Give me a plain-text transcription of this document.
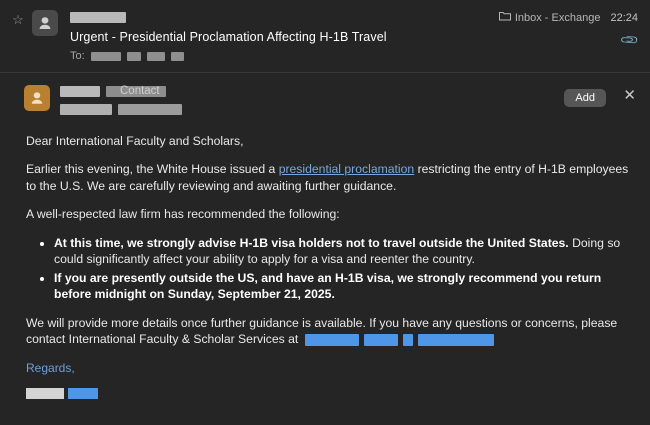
☆	Inbox - Exchange 22:24
📎
Urgent - Presidential Proclamation Affecting H-1B Travel
To:
Contact
Add	✕

Dear International Faculty and Scholars,

Earlier this evening, the White House issued a presidential proclamation restricting the entry of H-1B employees to the U.S. We are carefully reviewing and awaiting further guidance.

A well-respected law firm has recommended the following:

• At this time, we strongly advise H-1B visa holders not to travel outside the United States. Doing so could significantly affect your ability to apply for a visa and reenter the country.
• If you are presently outside the US, and have an H-1B visa, we strongly recommend you return before midnight on Sunday, September 21, 2025.

We will provide more details once further guidance is available. If you have any questions or concerns, please contact International Faculty & Scholar Services at

Regards,
